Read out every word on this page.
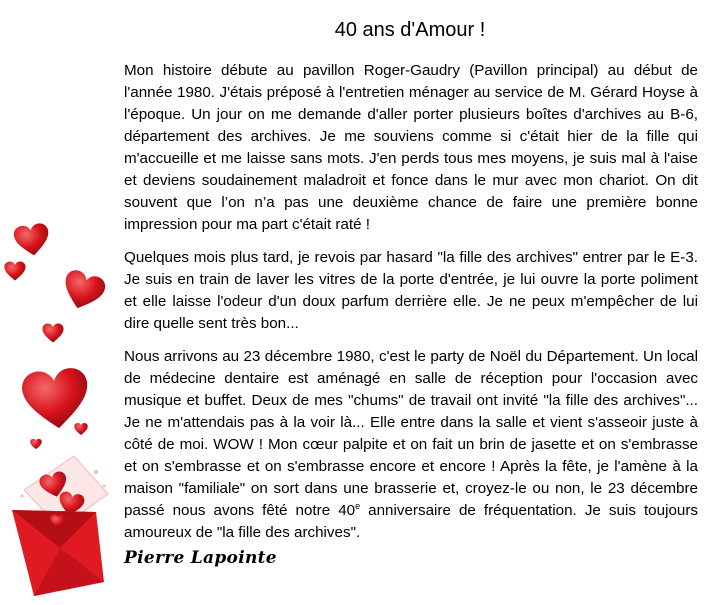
40 ans d'Amour !

Mon histoire débute au pavillon Roger-Gaudry (Pavillon principal) au début de l'année 1980. J'étais préposé à l'entretien ménager au service de M. Gérard Hoyse à l'époque. Un jour on me demande d'aller porter plusieurs boîtes d'archives au B-6, département des archives. Je me souviens comme si c'était hier de la fille qui m'accueille et me laisse sans mots. J'en perds tous mes moyens, je suis mal à l'aise et deviens soudainement maladroit et fonce dans le mur avec mon chariot. On dit souvent que l’on n’a pas une deuxième chance de faire une première bonne impression pour ma part c'était raté !

Quelques mois plus tard, je revois par hasard "la fille des archives" entrer par le E-3. Je suis en train de laver les vitres de la porte d'entrée, je lui ouvre la porte poliment et elle laisse l'odeur d'un doux parfum derrière elle. Je ne peux m'empêcher de lui dire quelle sent très bon...

Nous arrivons au 23 décembre 1980, c'est le party de Noël du Département. Un local de médecine dentaire est aménagé en salle de réception pour l'occasion avec musique et buffet. Deux de mes "chums" de travail ont invité "la fille des archives"... Je ne m'attendais pas à la voir là... Elle entre dans la salle et vient s'asseoir juste à côté de moi. WOW ! Mon cœur palpite et on fait un brin de jasette et on s'embrasse et on s'embrasse et on s'embrasse encore et encore ! Après la fête, je l'amène à la maison "familiale" on sort dans une brasserie et, croyez-le ou non, le 23 décembre passé nous avons fêté notre 40e anniversaire de fréquentation. Je suis toujours amoureux de "la fille des archives".

Pierre Lapointe
